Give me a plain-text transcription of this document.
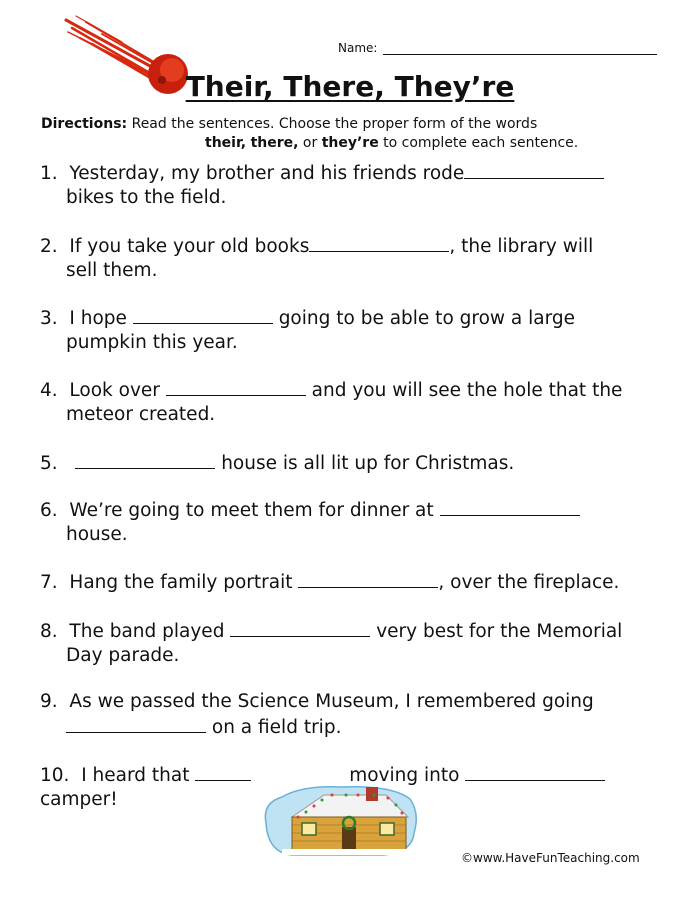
Name:
Their, There, They’re
Directions: Read the sentences. Choose the proper form of the words
their, there, or they’re to complete each sentence.
1. Yesterday, my brother and his friends rode
bikes to the field.
2. If you take your old books	, the library will
sell them.
3. I hope	going to be able to grow a large
pumpkin this year.
4. Look over	and you will see the hole that the
meteor created.
5.	house is all lit up for Christmas.
6. We’re going to meet them for dinner at
house.
7. Hang the family portrait	, over the fireplace.
8. The band played	very best for the Memorial
Day parade.
9. As we passed the Science Museum, I remembered going
on a field trip.
10. I heard that	moving into
camper!
©www.HaveFunTeaching.com
